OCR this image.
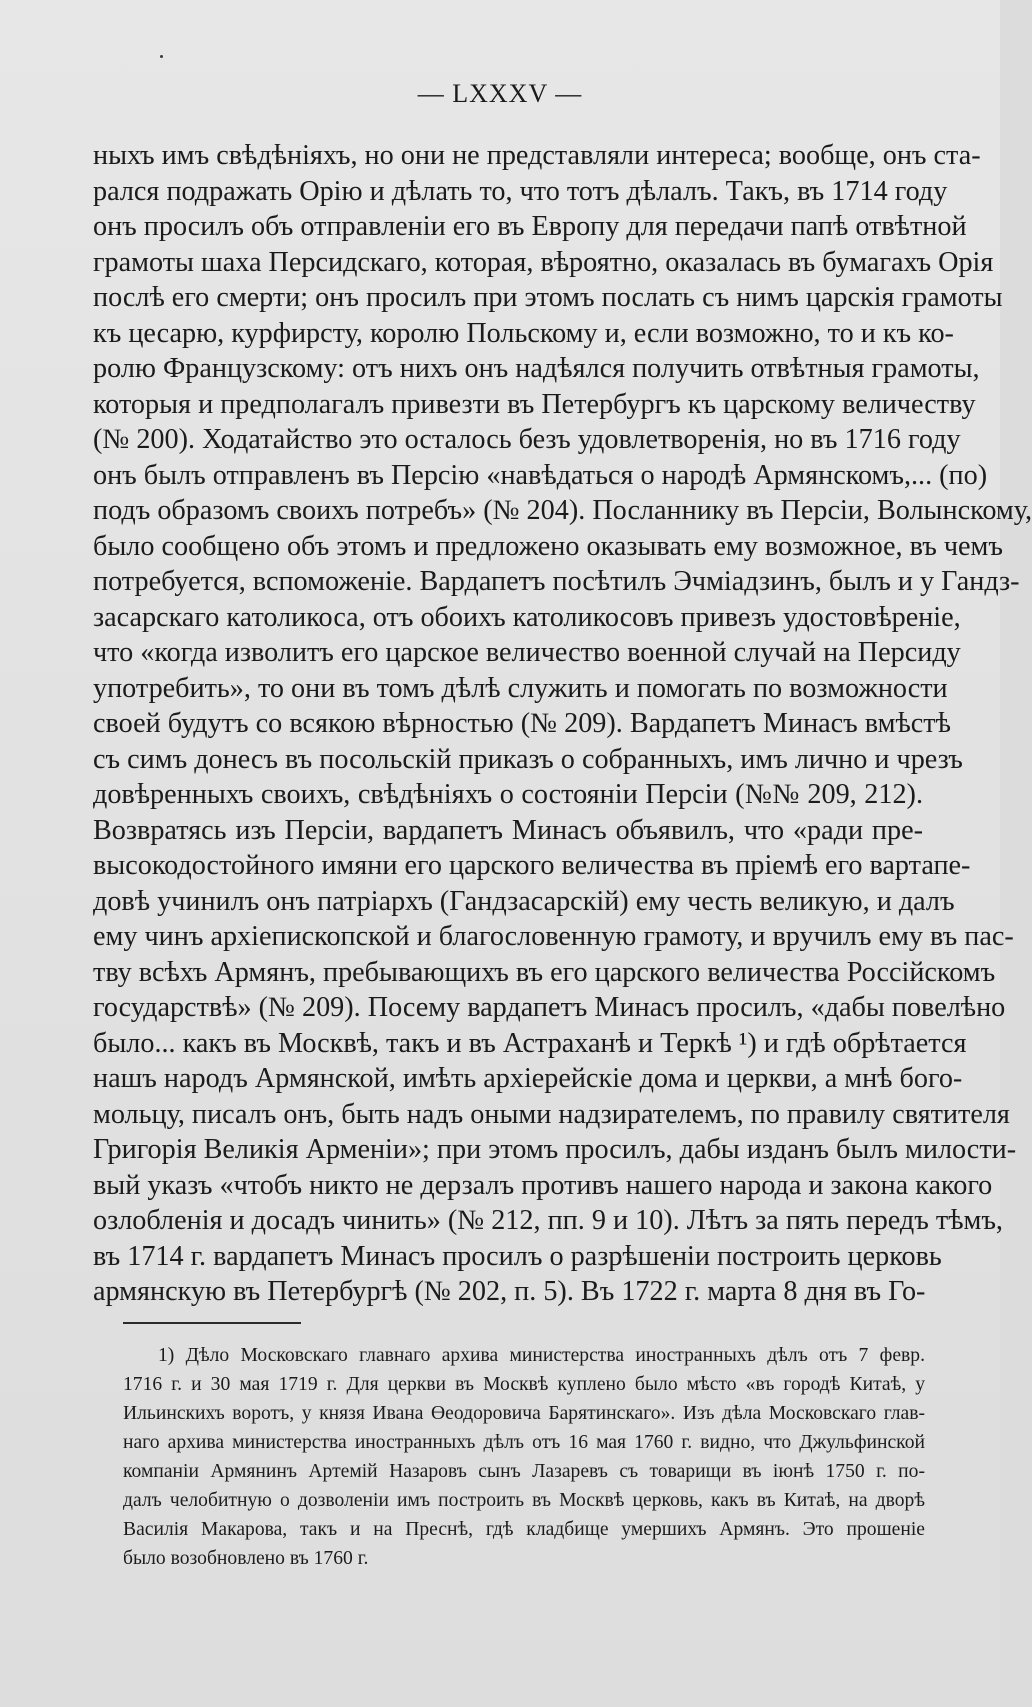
— LXXXV —
ныхъ имъ свѣдѣніяхъ, но они не представляли интереса; вообще, онъ ста-
рался подражать Орію и дѣлать то, что тотъ дѣлалъ. Такъ, въ 1714 году
онъ просилъ объ отправленіи его въ Европу для передачи папѣ отвѣтной
грамоты шаха Персидскаго, которая, вѣроятно, оказалась въ бумагахъ Орія
послѣ его смерти; онъ просилъ при этомъ послать съ нимъ царскія грамоты
къ цесарю, курфирсту, королю Польскому и, если возможно, то и къ ко-
ролю Французскому: отъ нихъ онъ надѣялся получить отвѣтныя грамоты,
которыя и предполагалъ привезти въ Петербургъ къ царскому величеству
(№ 200). Ходатайство это осталось безъ удовлетворенія, но въ 1716 году
онъ былъ отправленъ въ Персію «навѣдаться о народѣ Армянскомъ,... (по)
подъ образомъ своихъ потребъ» (№ 204). Посланнику въ Персіи, Волынскому,
было сообщено объ этомъ и предложено оказывать ему возможное, въ чемъ
потребуется, вспоможеніе. Вардапетъ посѣтилъ Эчміадзинъ, былъ и у Гандз-
засарскаго католикоса, отъ обоихъ католикосовъ привезъ удостовѣреніе,
что «когда изволитъ его царское величество военной случай на Персиду
употребить», то они въ томъ дѣлѣ служить и помогать по возможности
своей будутъ со всякою вѣрностью (№ 209). Вардапетъ Минасъ вмѣстѣ
съ симъ донесъ въ посольскій приказъ о собранныхъ, имъ лично и чрезъ
довѣренныхъ своихъ, свѣдѣніяхъ о состояніи Персіи (№№ 209, 212).
Возвратясь изъ Персіи, вардапетъ Минасъ объявилъ, что «ради пре-
высокодостойного имяни его царского величества въ пріемѣ его вартапе-
довѣ учинилъ онъ патріархъ (Гандзасарскій) ему честь великую, и далъ
ему чинъ архіепископской и благословенную грамоту, и вручилъ ему въ пас-
тву всѣхъ Армянъ, пребывающихъ въ его царского величества Россійскомъ
государствѣ» (№ 209). Посему вардапетъ Минасъ просилъ, «дабы повелѣно
было... какъ въ Москвѣ, такъ и въ Астраханѣ и Теркѣ ¹) и гдѣ обрѣтается
нашъ народъ Армянской, имѣть архіерейскіе дома и церкви, а мнѣ бого-
мольцу, писалъ онъ, быть надъ оными надзирателемъ, по правилу святителя
Григорія Великія Арменіи»; при этомъ просилъ, дабы изданъ былъ милости-
вый указъ «чтобъ никто не дерзалъ противъ нашего народа и закона какого
озлобленія и досадъ чинить» (№ 212, пп. 9 и 10). Лѣтъ за пять передъ тѣмъ,
въ 1714 г. вардапетъ Минасъ просилъ о разрѣшеніи построить церковь
армянскую въ Петербургѣ (№ 202, п. 5). Въ 1722 г. марта 8 дня въ Го-
1) Дѣло Московскаго главнаго архива министерства иностранныхъ дѣлъ отъ 7 февр.
1716 г. и 30 мая 1719 г. Для церкви въ Москвѣ куплено было мѣсто «въ городѣ Китаѣ, у
Ильинскихъ воротъ, у князя Ивана Өеодоровича Барятинскаго». Изъ дѣла Московскаго глав-
наго архива министерства иностранныхъ дѣлъ отъ 16 мая 1760 г. видно, что Джульфинской
компаніи Армянинъ Артемій Назаровъ сынъ Лазаревъ съ товарищи въ іюнѣ 1750 г. по-
далъ челобитную о дозволеніи имъ построить въ Москвѣ церковь, какъ въ Китаѣ, на дворѣ
Василія Макарова, такъ и на Преснѣ, гдѣ кладбище умершихъ Армянъ. Это прошеніе
было возобновлено въ 1760 г.
